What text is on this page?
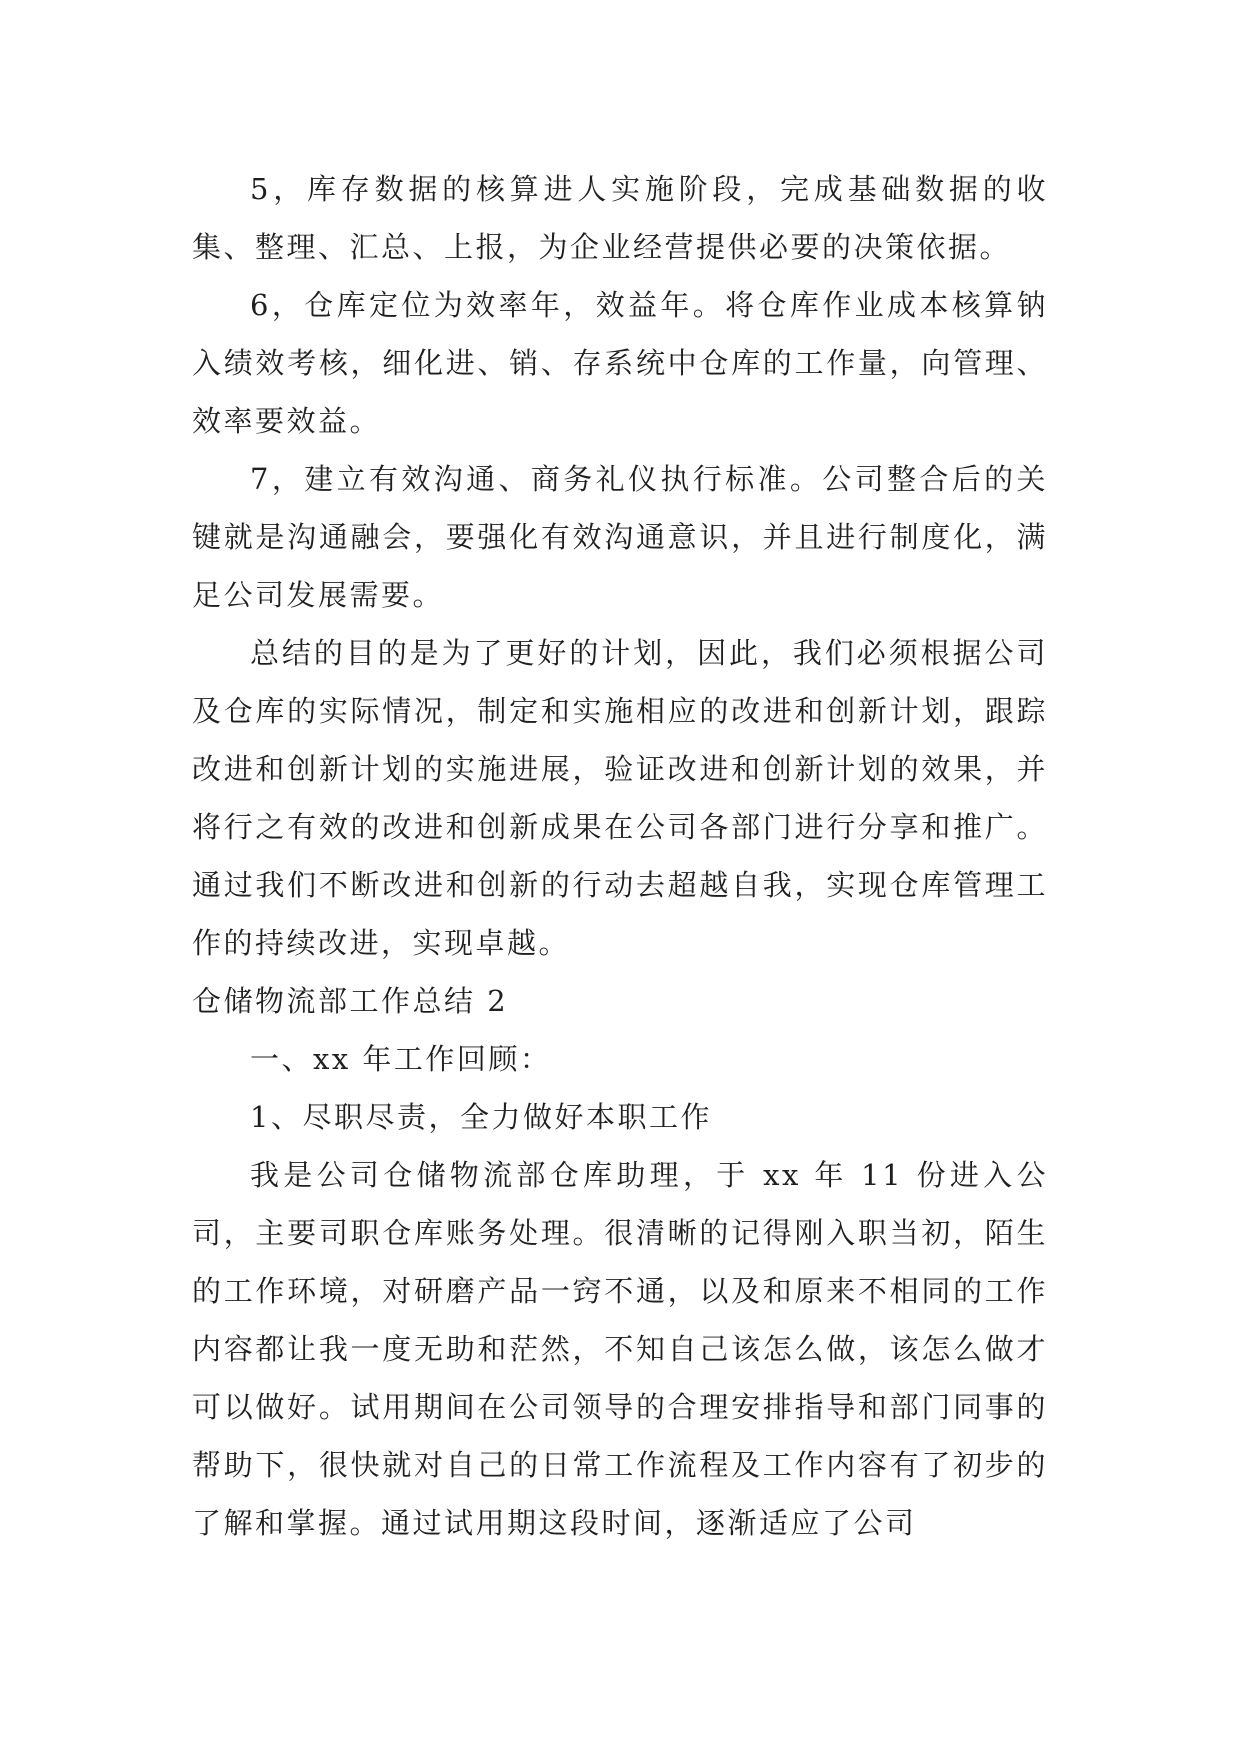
5，库存数据的核算进人实施阶段，完成基础数据的收集、整理、汇总、上报，为企业经营提供必要的决策依据。

6，仓库定位为效率年，效益年。将仓库作业成本核算钠入绩效考核，细化进、销、存系统中仓库的工作量，向管理、效率要效益。

7，建立有效沟通、商务礼仪执行标准。公司整合后的关键就是沟通融会，要强化有效沟通意识，并且进行制度化，满足公司发展需要。

总结的目的是为了更好的计划，因此，我们必须根据公司及仓库的实际情况，制定和实施相应的改进和创新计划，跟踪改进和创新计划的实施进展，验证改进和创新计划的效果，并将行之有效的改进和创新成果在公司各部门进行分享和推广。通过我们不断改进和创新的行动去超越自我，实现仓库管理工作的持续改进，实现卓越。

仓储物流部工作总结 2

一、xx 年工作回顾：

1、尽职尽责，全力做好本职工作

我是公司仓储物流部仓库助理，于 xx 年 11 份进入公司，主要司职仓库账务处理。很清晰的记得刚入职当初，陌生的工作环境，对研磨产品一窍不通，以及和原来不相同的工作内容都让我一度无助和茫然，不知自己该怎么做，该怎么做才可以做好。试用期间在公司领导的合理安排指导和部门同事的帮助下，很快就对自己的日常工作流程及工作内容有了初步的了解和掌握。通过试用期这段时间，逐渐适应了公司
